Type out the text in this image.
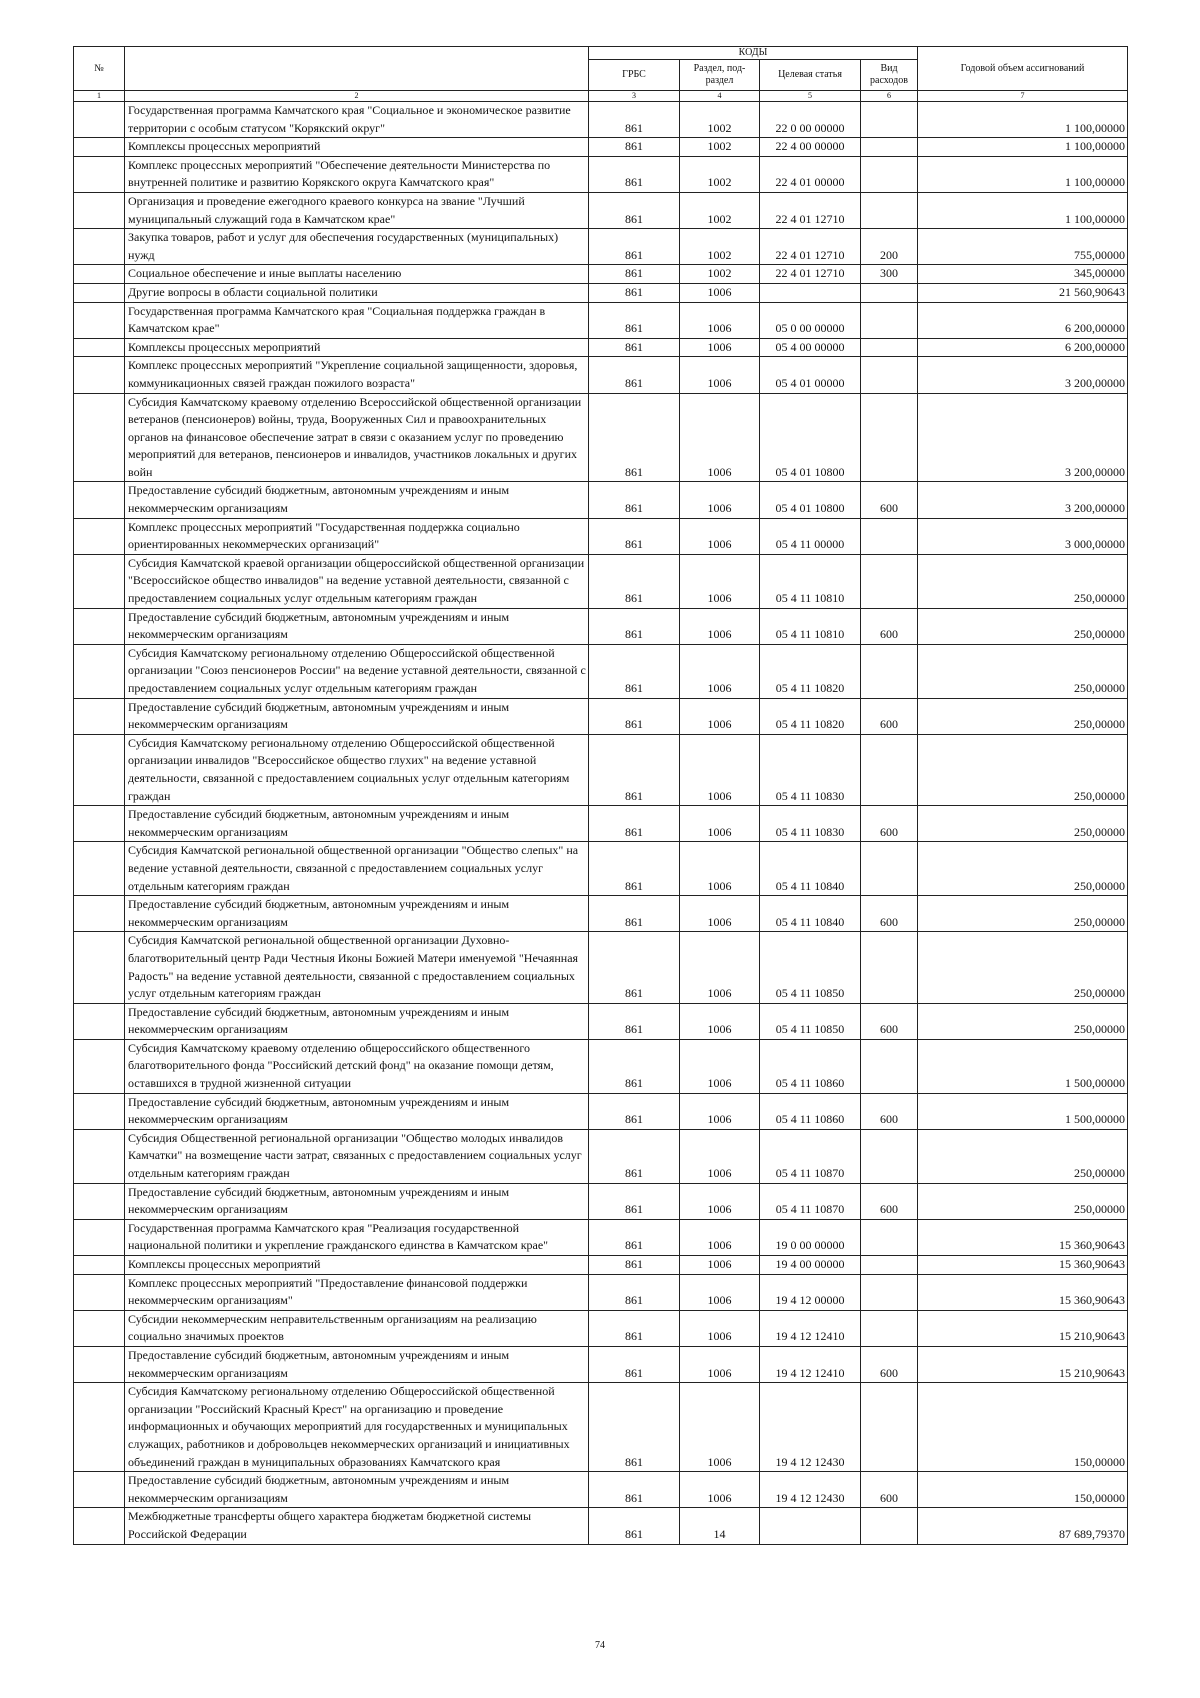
№		КОДЫ				Годовой объем ассигнований
		ГРБС	Раздел, под-раздел	Целевая статья	Вид расходов	
1	2	3	4	5	6	7
	Государственная программа Камчатского края "Социальное и экономическое развитие территории с особым статусом "Корякский округ"	861	1002	22 0 00 00000		1 100,00000
	Комплексы процессных мероприятий	861	1002	22 4 00 00000		1 100,00000
	Комплекс процессных мероприятий "Обеспечение деятельности Министерства по внутренней политике и развитию Корякского округа Камчатского края"	861	1002	22 4 01 00000		1 100,00000
	Организация и проведение ежегодного краевого конкурса на звание "Лучший муниципальный служащий года в Камчатском крае"	861	1002	22 4 01 12710		1 100,00000
	Закупка товаров, работ и услуг для обеспечения государственных (муниципальных) нужд	861	1002	22 4 01 12710	200	755,00000
	Социальное обеспечение и иные выплаты населению	861	1002	22 4 01 12710	300	345,00000
	Другие вопросы в области социальной политики	861	1006			21 560,90643
	Государственная программа Камчатского края "Социальная поддержка граждан в Камчатском крае"	861	1006	05 0 00 00000		6 200,00000
	Комплексы процессных мероприятий	861	1006	05 4 00 00000		6 200,00000
	Комплекс процессных мероприятий "Укрепление социальной защищенности, здоровья, коммуникационных связей граждан пожилого возраста"	861	1006	05 4 01 00000		3 200,00000
	Субсидия Камчатскому краевому отделению Всероссийской общественной организации ветеранов (пенсионеров) войны, труда, Вооруженных Сил и правоохранительных органов на финансовое обеспечение затрат в связи с оказанием услуг по проведению мероприятий для ветеранов, пенсионеров и инвалидов, участников локальных и других войн	861	1006	05 4 01 10800		3 200,00000
	Предоставление субсидий бюджетным, автономным учреждениям и иным некоммерческим организациям	861	1006	05 4 01 10800	600	3 200,00000
	Комплекс процессных мероприятий "Государственная поддержка социально ориентированных некоммерческих организаций"	861	1006	05 4 11 00000		3 000,00000
	Субсидия Камчатской краевой организации общероссийской общественной организации "Всероссийское общество инвалидов" на ведение уставной деятельности, связанной с предоставлением социальных услуг отдельным категориям граждан	861	1006	05 4 11 10810		250,00000
	Предоставление субсидий бюджетным, автономным учреждениям и иным некоммерческим организациям	861	1006	05 4 11 10810	600	250,00000
	Субсидия Камчатскому региональному отделению Общероссийской общественной организации "Союз пенсионеров России" на ведение уставной деятельности, связанной с предоставлением социальных услуг отдельным категориям граждан	861	1006	05 4 11 10820		250,00000
	Предоставление субсидий бюджетным, автономным учреждениям и иным некоммерческим организациям	861	1006	05 4 11 10820	600	250,00000
	Субсидия Камчатскому региональному отделению Общероссийской общественной организации инвалидов "Всероссийское общество глухих" на ведение уставной деятельности, связанной с предоставлением социальных услуг отдельным категориям граждан	861	1006	05 4 11 10830		250,00000
	Предоставление субсидий бюджетным, автономным учреждениям и иным некоммерческим организациям	861	1006	05 4 11 10830	600	250,00000
	Субсидия Камчатской региональной общественной организации "Общество слепых" на ведение уставной деятельности, связанной с предоставлением социальных услуг отдельным категориям граждан	861	1006	05 4 11 10840		250,00000
	Предоставление субсидий бюджетным, автономным учреждениям и иным некоммерческим организациям	861	1006	05 4 11 10840	600	250,00000
	Субсидия Камчатской региональной общественной организации Духовно-благотворительный центр Ради Честныя Иконы Божией Матери именуемой "Нечаянная Радость" на ведение уставной деятельности, связанной с предоставлением социальных услуг отдельным категориям граждан	861	1006	05 4 11 10850		250,00000
	Предоставление субсидий бюджетным, автономным учреждениям и иным некоммерческим организациям	861	1006	05 4 11 10850	600	250,00000
	Субсидия Камчатскому краевому отделению общероссийского общественного благотворительного фонда "Российский детский фонд" на оказание помощи детям, оставшихся в трудной жизненной ситуации	861	1006	05 4 11 10860		1 500,00000
	Предоставление субсидий бюджетным, автономным учреждениям и иным некоммерческим организациям	861	1006	05 4 11 10860	600	1 500,00000
	Субсидия Общественной региональной организации "Общество молодых инвалидов Камчатки" на возмещение части затрат, связанных с предоставлением социальных услуг отдельным категориям граждан	861	1006	05 4 11 10870		250,00000
	Предоставление субсидий бюджетным, автономным учреждениям и иным некоммерческим организациям	861	1006	05 4 11 10870	600	250,00000
	Государственная программа Камчатского края "Реализация государственной национальной политики и укрепление гражданского единства в Камчатском крае"	861	1006	19 0 00 00000		15 360,90643
	Комплексы процессных мероприятий	861	1006	19 4 00 00000		15 360,90643
	Комплекс процессных мероприятий "Предоставление финансовой поддержки некоммерческим организациям"	861	1006	19 4 12 00000		15 360,90643
	Субсидии некоммерческим неправительственным организациям на реализацию социально значимых проектов	861	1006	19 4 12 12410		15 210,90643
	Предоставление субсидий бюджетным, автономным учреждениям и иным некоммерческим организациям	861	1006	19 4 12 12410	600	15 210,90643
	Субсидия Камчатскому региональному отделению Общероссийской общественной организации "Российский Красный Крест" на организацию и проведение информационных и обучающих мероприятий для государственных и муниципальных служащих, работников и добровольцев некоммерческих организаций и инициативных объединений граждан в муниципальных образованиях Камчатского края	861	1006	19 4 12 12430		150,00000
	Предоставление субсидий бюджетным, автономным учреждениям и иным некоммерческим организациям	861	1006	19 4 12 12430	600	150,00000
	Межбюджетные трансферты общего характера бюджетам бюджетной системы Российской Федерации	861	14			87 689,79370
74
